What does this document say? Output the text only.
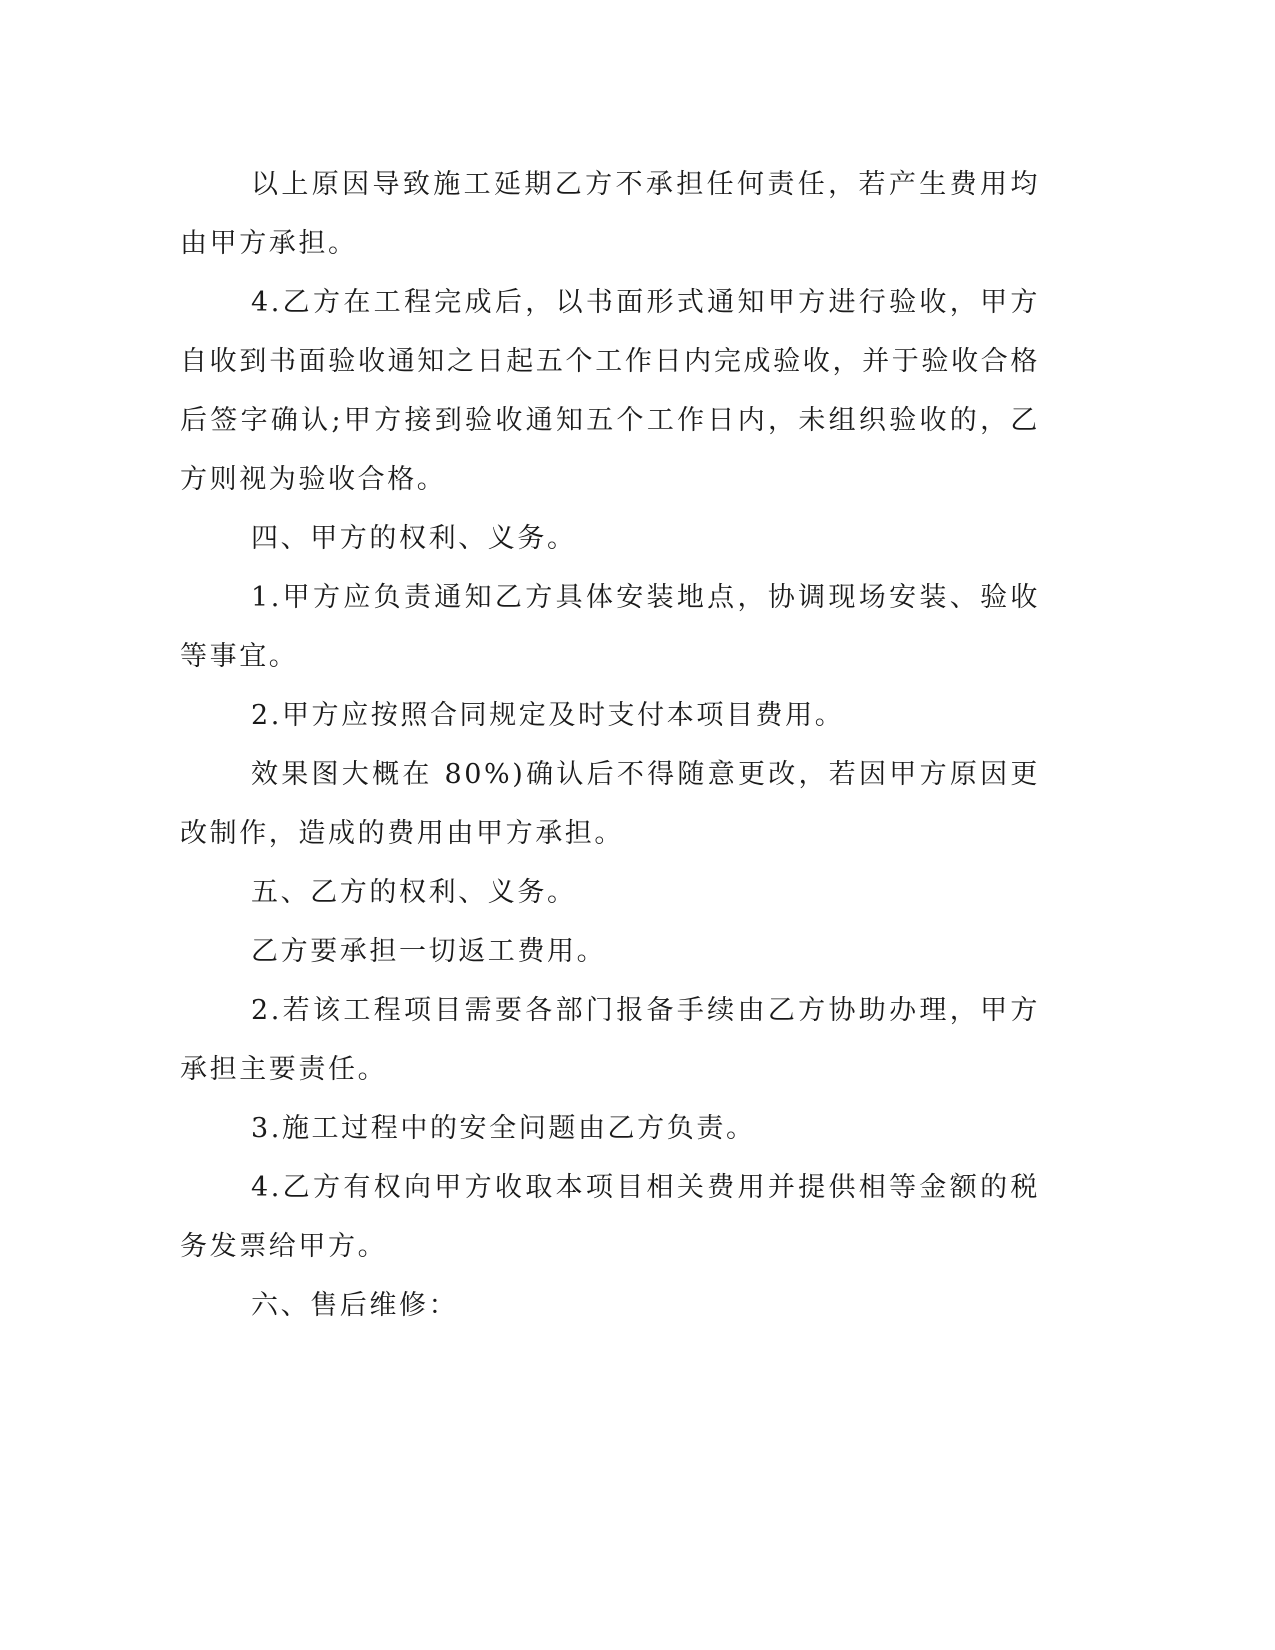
以上原因导致施工延期乙方不承担任何责任，若产生费用均由甲方承担。

4.乙方在工程完成后，以书面形式通知甲方进行验收，甲方自收到书面验收通知之日起五个工作日内完成验收，并于验收合格后签字确认;甲方接到验收通知五个工作日内，未组织验收的，乙方则视为验收合格。

四、甲方的权利、义务。

1.甲方应负责通知乙方具体安装地点，协调现场安装、验收等事宜。

2.甲方应按照合同规定及时支付本项目费用。

效果图大概在 80%)确认后不得随意更改，若因甲方原因更改制作，造成的费用由甲方承担。

五、乙方的权利、义务。

乙方要承担一切返工费用。

2.若该工程项目需要各部门报备手续由乙方协助办理，甲方承担主要责任。

3.施工过程中的安全问题由乙方负责。

4.乙方有权向甲方收取本项目相关费用并提供相等金额的税务发票给甲方。

六、售后维修：
